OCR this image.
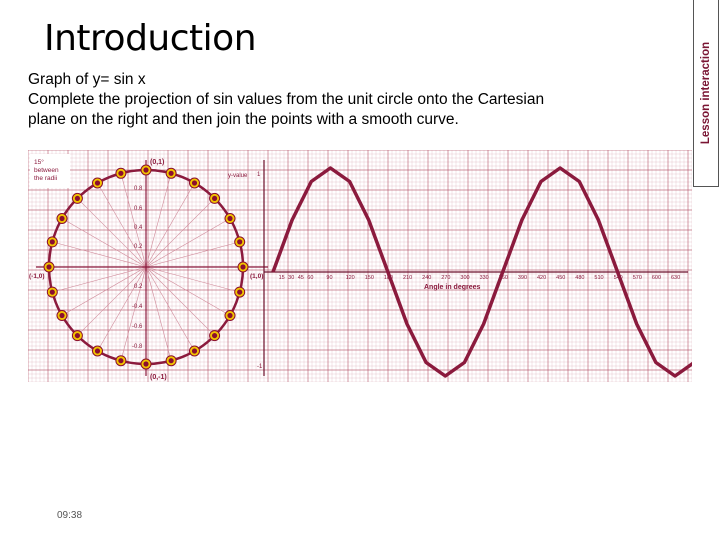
Introduction
Graph of y= sin x
Complete the projection of sin values from the unit circle onto the Cartesian
plane on the right and then join the points with a smooth curve.	Lesson interaction
15°
between
the radii
(0,1)
(0,-1)
(-1,0)	(1,0)
0.8
0.6
0.4
0.2
0.2
-0.4
-0.6
-0.8
15 30 45 60 90 120 150 180 210 240 270 300 330 360 390 420 450 480 510 540 570 600 630
y-value 1
-1
Angle in degrees
09:38
